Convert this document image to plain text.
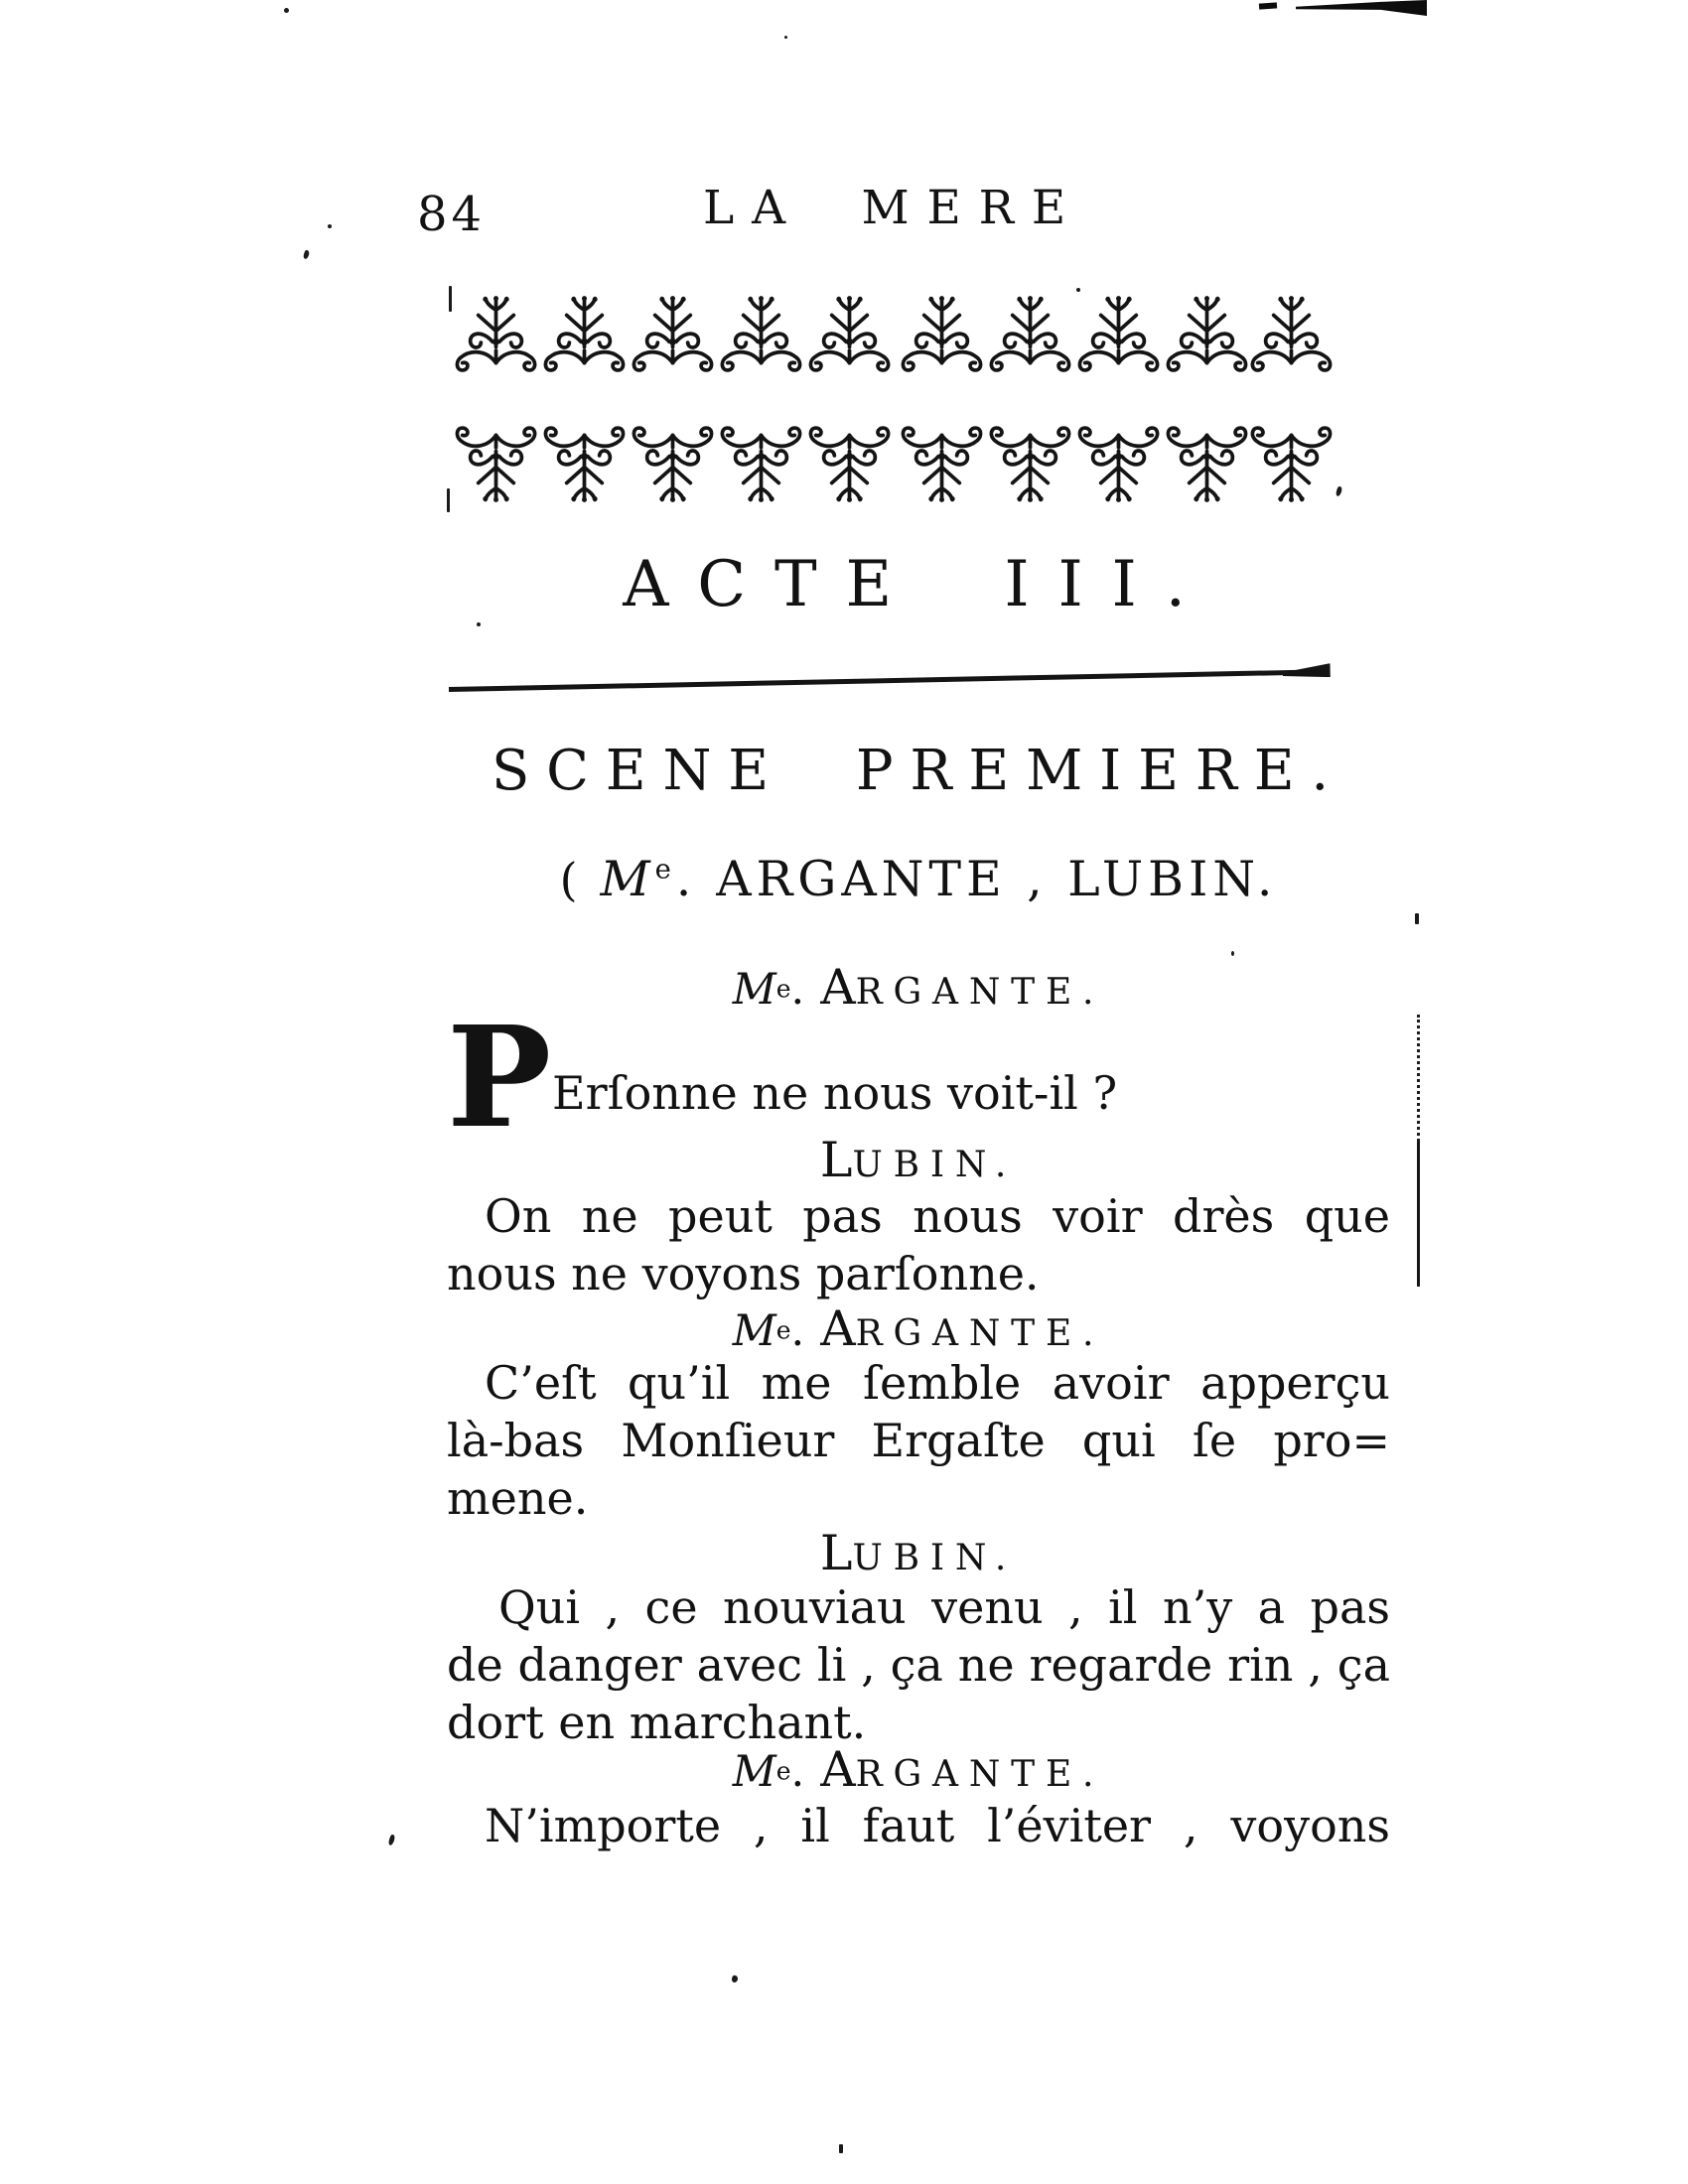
84	LA MERE
ACTE III.
SCENE PREMIERE.
( Me. ARGANTE , LUBIN.
Me. ARGANTE.
P Erſonne ne nous voit-il ?
LUBIN.
On ne peut pas nous voir drès que
nous ne voyons parſonne.
Me. ARGANTE.
C’eſt qu’il me ſemble avoir apperçu
là-bas Monſieur Ergaſte qui ſe pro=
mene.
LUBIN.
Qui , ce nouviau venu , il n’y a pas
de danger avec li , ça ne regarde rin , ça
dort en marchant.
Me. ARGANTE.
N’importe , il faut l’éviter , voyons
